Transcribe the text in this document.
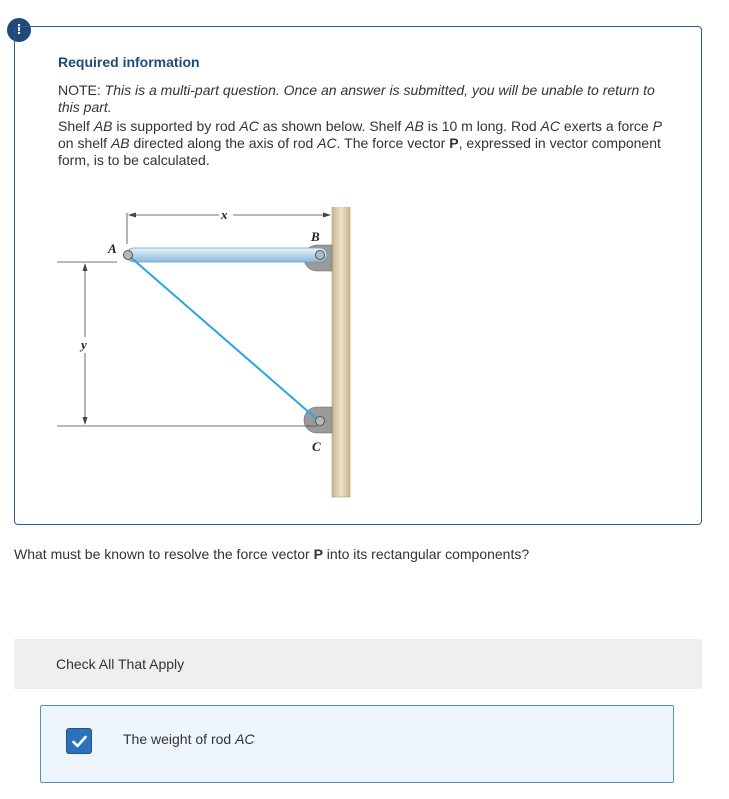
!
Required information
NOTE: This is a multi-part question. Once an answer is submitted, you will be unable to return to this part.
Shelf AB is supported by rod AC as shown below. Shelf AB is 10 m long. Rod AC exerts a force P on shelf AB directed along the axis of rod AC. The force vector P, expressed in vector component form, is to be calculated.
A
B
C
x
y
What must be known to resolve the force vector P into its rectangular components?
Check All That Apply
The weight of rod AC
